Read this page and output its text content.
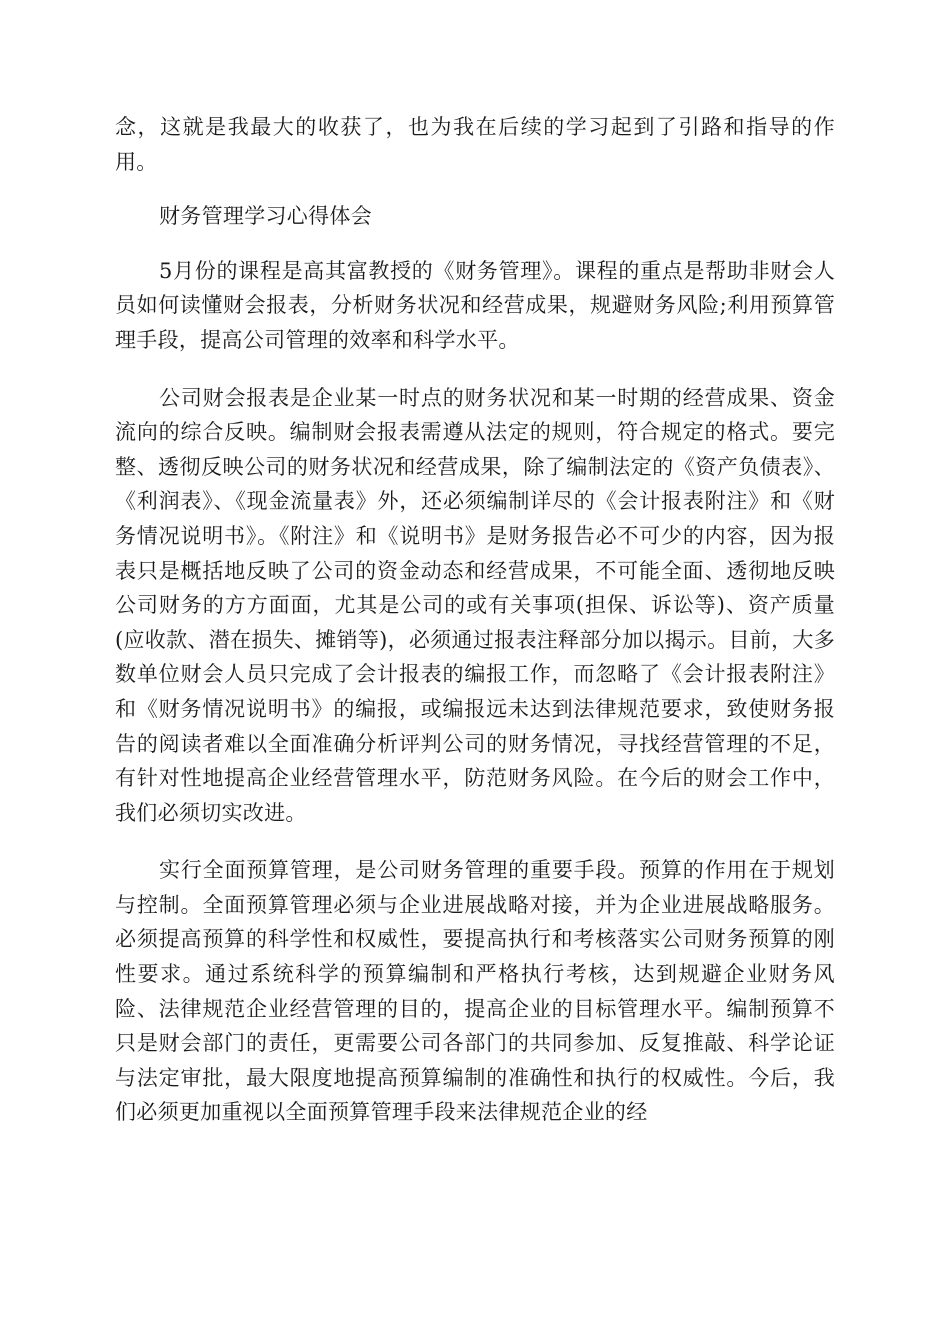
念，这就是我最大的收获了，也为我在后续的学习起到了引路和指导的作用。

财务管理学习心得体会

5月份的课程是高其富教授的《财务管理》。课程的重点是帮助非财会人员如何读懂财会报表，分析财务状况和经营成果，规避财务风险;利用预算管理手段，提高公司管理的效率和科学水平。

公司财会报表是企业某一时点的财务状况和某一时期的经营成果、资金流向的综合反映。编制财会报表需遵从法定的规则，符合规定的格式。要完整、透彻反映公司的财务状况和经营成果，除了编制法定的《资产负债表》、《利润表》、《现金流量表》外，还必须编制详尽的《会计报表附注》和《财务情况说明书》。《附注》和《说明书》是财务报告必不可少的内容，因为报表只是概括地反映了公司的资金动态和经营成果，不可能全面、透彻地反映公司财务的方方面面，尤其是公司的或有关事项(担保、诉讼等)、资产质量(应收款、潜在损失、摊销等)，必须通过报表注释部分加以揭示。目前，大多数单位财会人员只完成了会计报表的编报工作，而忽略了《会计报表附注》和《财务情况说明书》的编报，或编报远未达到法律规范要求，致使财务报告的阅读者难以全面准确分析评判公司的财务情况，寻找经营管理的不足，有针对性地提高企业经营管理水平，防范财务风险。在今后的财会工作中，我们必须切实改进。

实行全面预算管理，是公司财务管理的重要手段。预算的作用在于规划与控制。全面预算管理必须与企业进展战略对接，并为企业进展战略服务。必须提高预算的科学性和权威性，要提高执行和考核落实公司财务预算的刚性要求。通过系统科学的预算编制和严格执行考核，达到规避企业财务风险、法律规范企业经营管理的目的，提高企业的目标管理水平。编制预算不只是财会部门的责任，更需要公司各部门的共同参加、反复推敲、科学论证与法定审批，最大限度地提高预算编制的准确性和执行的权威性。今后，我们必须更加重视以全面预算管理手段来法律规范企业的经
